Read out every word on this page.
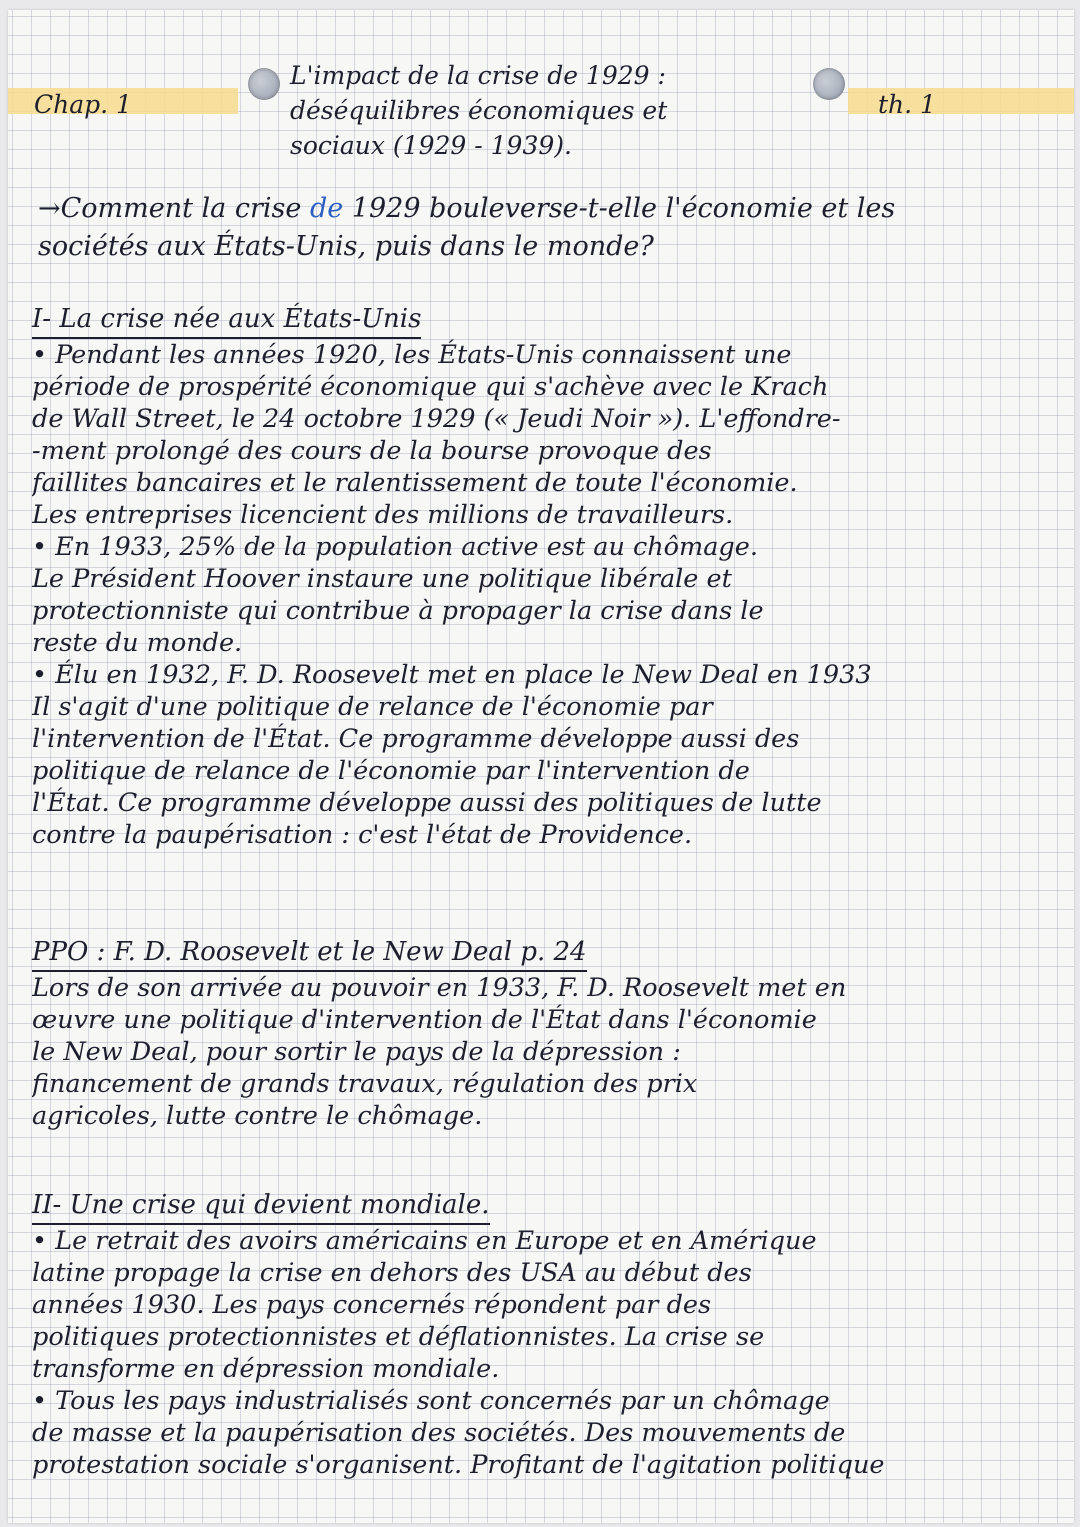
Chap. 1	th. 1
L'impact de la crise de 1929 :
déséquilibres économiques et
sociaux (1929 - 1939).
→Comment la crise de 1929 bouleverse-t-elle l'économie et les
sociétés aux États-Unis, puis dans le monde?
I- La crise née aux États-Unis
• Pendant les années 1920, les États-Unis connaissent une
période de prospérité économique qui s'achève avec le Krach
de Wall Street, le 24 octobre 1929 (« Jeudi Noir »). L'effondre-
-ment prolongé des cours de la bourse provoque des
faillites bancaires et le ralentissement de toute l'économie.
Les entreprises licencient des millions de travailleurs.
• En 1933, 25% de la population active est au chômage.
Le Président Hoover instaure une politique libérale et
protectionniste qui contribue à propager la crise dans le
reste du monde.
• Élu en 1932, F. D. Roosevelt met en place le New Deal en 1933
Il s'agit d'une politique de relance de l'économie par
l'intervention de l'État. Ce programme développe aussi des
politique de relance de l'économie par l'intervention de
l'État. Ce programme développe aussi des politiques de lutte
contre la paupérisation : c'est l'état de Providence.
PPO : F. D. Roosevelt et le New Deal p. 24
Lors de son arrivée au pouvoir en 1933, F. D. Roosevelt met en
œuvre une politique d'intervention de l'État dans l'économie
le New Deal, pour sortir le pays de la dépression :
financement de grands travaux, régulation des prix
agricoles, lutte contre le chômage.
II- Une crise qui devient mondiale.
• Le retrait des avoirs américains en Europe et en Amérique
latine propage la crise en dehors des USA au début des
années 1930. Les pays concernés répondent par des
politiques protectionnistes et déflationnistes. La crise se
transforme en dépression mondiale.
• Tous les pays industrialisés sont concernés par un chômage
de masse et la paupérisation des sociétés. Des mouvements de
protestation sociale s'organisent. Profitant de l'agitation politique
